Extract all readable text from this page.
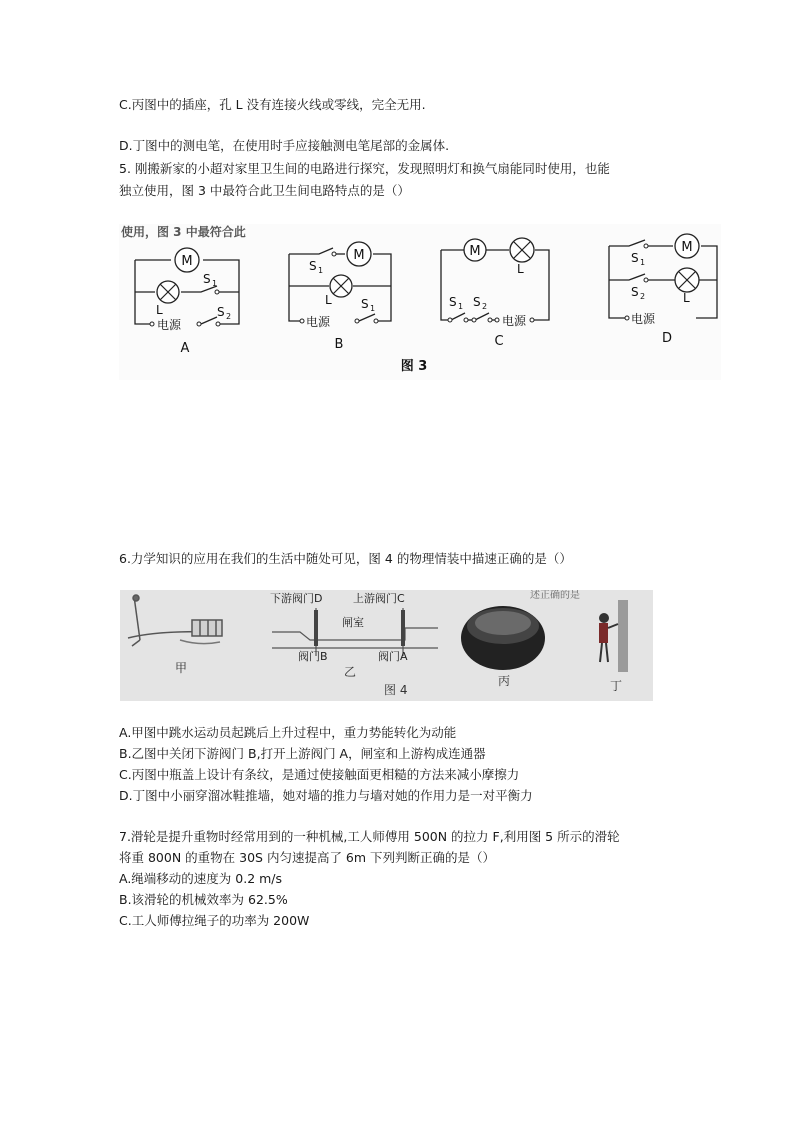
C.丙图中的插座，孔 L 没有连接火线或零线，完全无用.
D.丁图中的测电笔，在使用时手应接触测电笔尾部的金属体.
5. 刚搬新家的小超对家里卫生间的电路进行探究，发现照明灯和换气扇能同时使用，也能
独立使用，图 3 中最符合此卫生间电路特点的是（）
使用，图 3 中最符合此
M	M	M	M
L
L
L
L
S 1
S 2
S 1
S 1	S 1 S 2
S 1
S 2
电源	电源	电源	电源
A	B	C	D
图 3
6.力学知识的应用在我们的生活中随处可见，图 4 的物理情装中描速正确的是（）
甲
下游阀门D	上游阀门C
闸室
阀门B	阀门A
乙
图 4
述正确的是
丙	丁
A.甲图中跳水运动员起跳后上升过程中，重力势能转化为动能
B.乙图中关闭下游阀门 B,打开上游阀门 A，闸室和上游构成连通器
C.丙图中瓶盖上设计有条纹，是通过使接触面更相糙的方法来减小摩擦力
D.丁图中小丽穿溜冰鞋推墙，她对墙的推力与墙对她的作用力是一对平衡力
7.滑轮是提升重物时经常用到的一种机械,工人师傅用 500N 的拉力 F,利用图 5 所示的滑轮
将重 800N 的重物在 30S 内匀速提高了 6m 下列判断正确的是（）
A.绳端移动的速度为 0.2 m/s
B.该滑轮的机械效率为 62.5%
C.工人师傅拉绳子的功率为 200W
